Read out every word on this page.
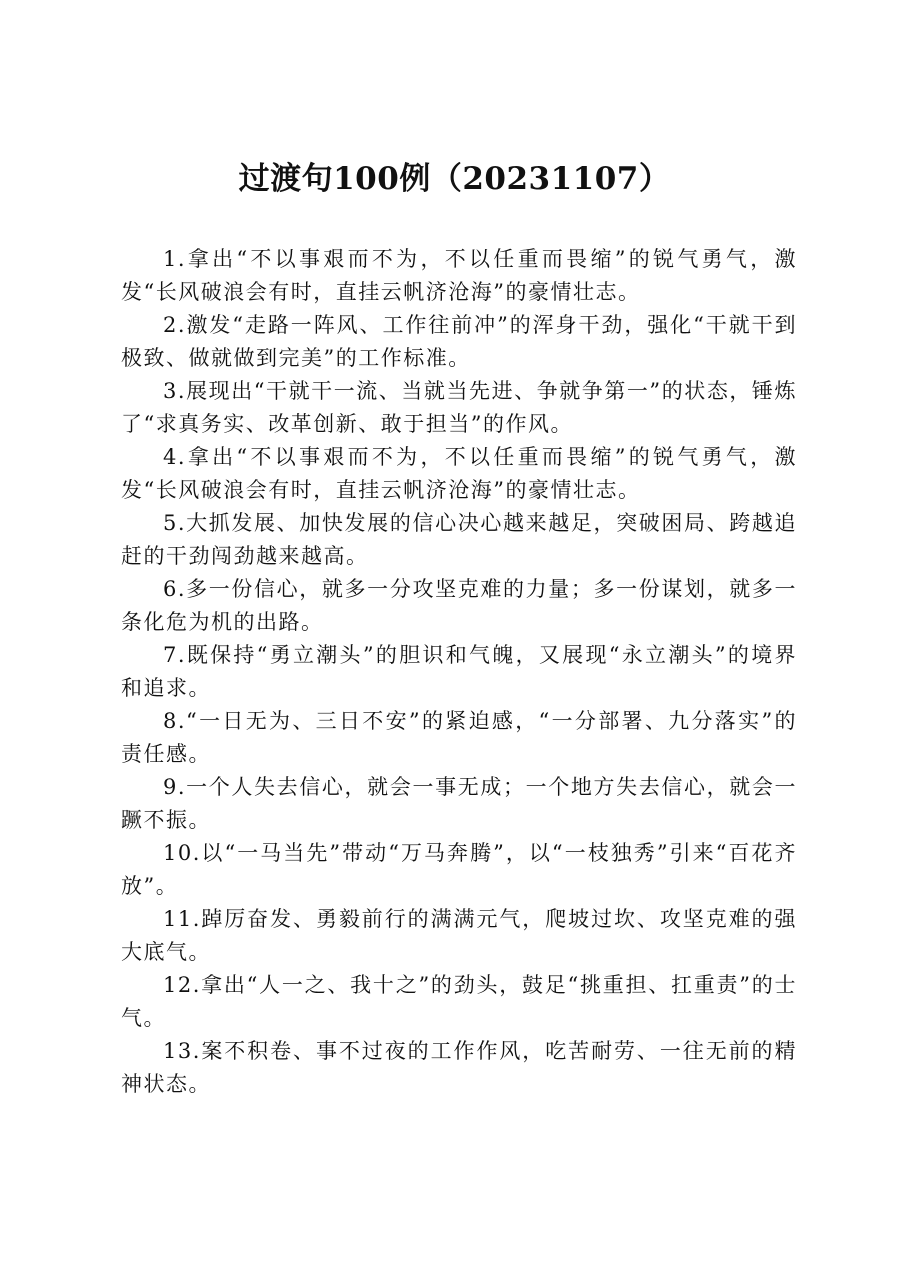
过渡句100例（20231107）

1.拿出“不以事艰而不为，不以任重而畏缩”的锐气勇气，激发“长风破浪会有时，直挂云帆济沧海”的豪情壮志。

2.激发“走路一阵风、工作往前冲”的浑身干劲，强化“干就干到极致、做就做到完美”的工作标准。

3.展现出“干就干一流、当就当先进、争就争第一”的状态，锤炼了“求真务实、改革创新、敢于担当”的作风。

4.拿出“不以事艰而不为，不以任重而畏缩”的锐气勇气，激发“长风破浪会有时，直挂云帆济沧海”的豪情壮志。

5.大抓发展、加快发展的信心决心越来越足，突破困局、跨越追赶的干劲闯劲越来越高。

6.多一份信心，就多一分攻坚克难的力量；多一份谋划，就多一条化危为机的出路。

7.既保持“勇立潮头”的胆识和气魄，又展现“永立潮头”的境界和追求。

8.“一日无为、三日不安”的紧迫感，“一分部署、九分落实”的责任感。

9.一个人失去信心，就会一事无成；一个地方失去信心，就会一蹶不振。

10.以“一马当先”带动“万马奔腾”，以“一枝独秀”引来“百花齐放”。

11.踔厉奋发、勇毅前行的满满元气，爬坡过坎、攻坚克难的强大底气。

12.拿出“人一之、我十之”的劲头，鼓足“挑重担、扛重责”的士气。

13.案不积卷、事不过夜的工作作风，吃苦耐劳、一往无前的精神状态。
